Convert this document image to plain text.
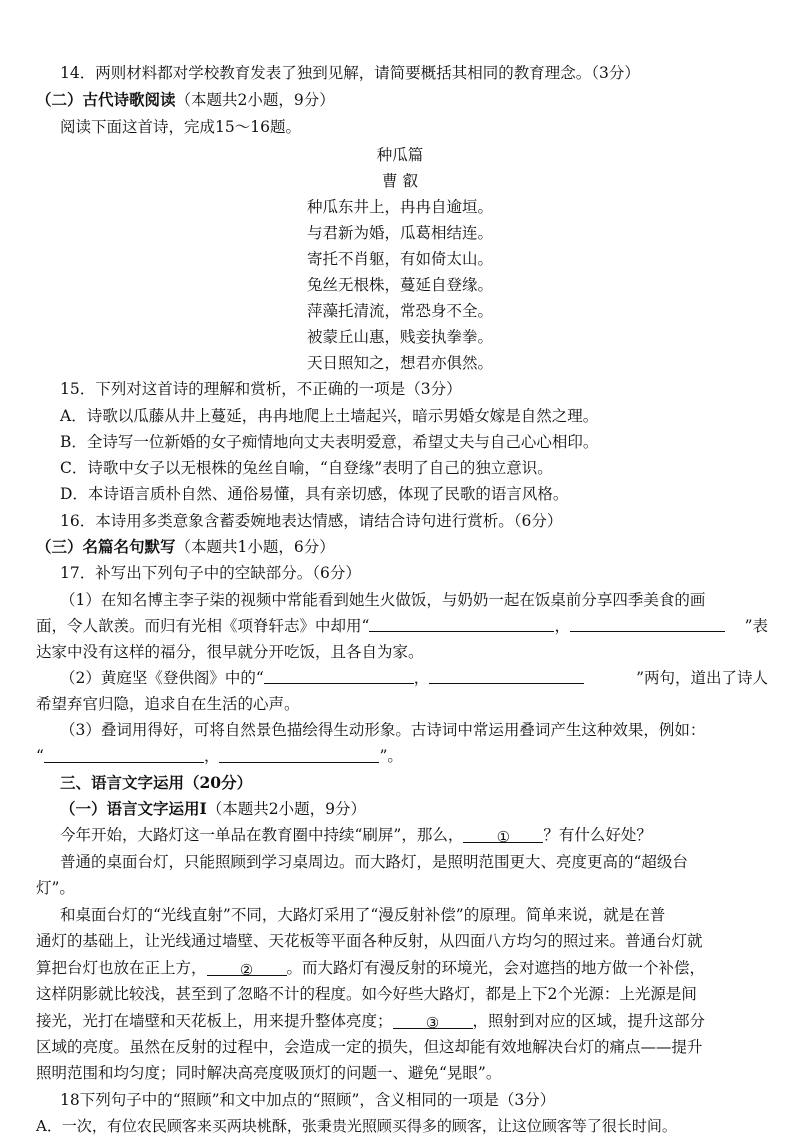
14．两则材料都对学校教育发表了独到见解，请简要概括其相同的教育理念。（3分）
（二）古代诗歌阅读（本题共2小题，9分）
阅读下面这首诗，完成15～16题。
种瓜篇
曹 叡
种瓜东井上，冉冉自逾垣。
与君新为婚，瓜葛相结连。
寄托不肖躯，有如倚太山。
兔丝无根株，蔓延自登缘。
萍藻托清流，常恐身不全。
被蒙丘山惠，贱妾执拳拳。
天日照知之，想君亦俱然。
15．下列对这首诗的理解和赏析，不正确的一项是（3分）
A．诗歌以瓜藤从井上蔓延，冉冉地爬上土墙起兴，暗示男婚女嫁是自然之理。
B．全诗写一位新婚的女子痴情地向丈夫表明爱意，希望丈夫与自己心心相印。
C．诗歌中女子以无根株的兔丝自喻，“自登缘”表明了自己的独立意识。
D．本诗语言质朴自然、通俗易懂，具有亲切感，体现了民歌的语言风格。
16．本诗用多类意象含蓄委婉地表达情感，请结合诗句进行赏析。（6分）
（三）名篇名句默写（本题共1小题，6分）
17．补写出下列句子中的空缺部分。（6分）
（1）在知名博主李子柒的视频中常能看到她生火做饭，与奶奶一起在饭桌前分享四季美食的画
面，令人歆羡。而归有光相《项脊轩志》中却用“	，	”表
达家中没有这样的福分，很早就分开吃饭，且各自为家。
（2）黄庭坚《登供阁》中的“	，	”两句，道出了诗人
希望弃官归隐，追求自在生活的心声。
（3）叠词用得好，可将自然景色描绘得生动形象。古诗词中常运用叠词产生这种效果，例如：
“	，	”。
三、语言文字运用（20分）
（一）语言文字运用Ⅰ（本题共2小题，9分）
今年开始，大路灯这一单品在教育圈中持续“刷屏”，那么， ① ？有什么好处？
普通的桌面台灯，只能照顾到学习桌周边。而大路灯，是照明范围更大、亮度更高的“超级台
灯”。
和桌面台灯的“光线直射”不同，大路灯采用了“漫反射补偿”的原理。简单来说，就是在普
通灯的基础上，让光线通过墙壁、天花板等平面各种反射，从四面八方均匀的照过来。普通台灯就
算把台灯也放在正上方， ② 。而大路灯有漫反射的环境光，会对遮挡的地方做一个补偿，
这样阴影就比较浅，甚至到了忽略不计的程度。如今好些大路灯，都是上下2个光源：上光源是间
接光，光打在墙壁和天花板上，用来提升整体亮度； ③ ，照射到对应的区域，提升这部分
区域的亮度。虽然在反射的过程中，会造成一定的损失，但这却能有效地解决台灯的痛点——提升
照明范围和均匀度；同时解决高亮度吸顶灯的问题一、避免“晃眼”。
18下列句子中的“照顾”和文中加点的“照顾”，含义相同的一项是（3分）
A．一次，有位农民顾客来买两块桃酥，张秉贵光照顾买得多的顾客，让这位顾客等了很长时间。
